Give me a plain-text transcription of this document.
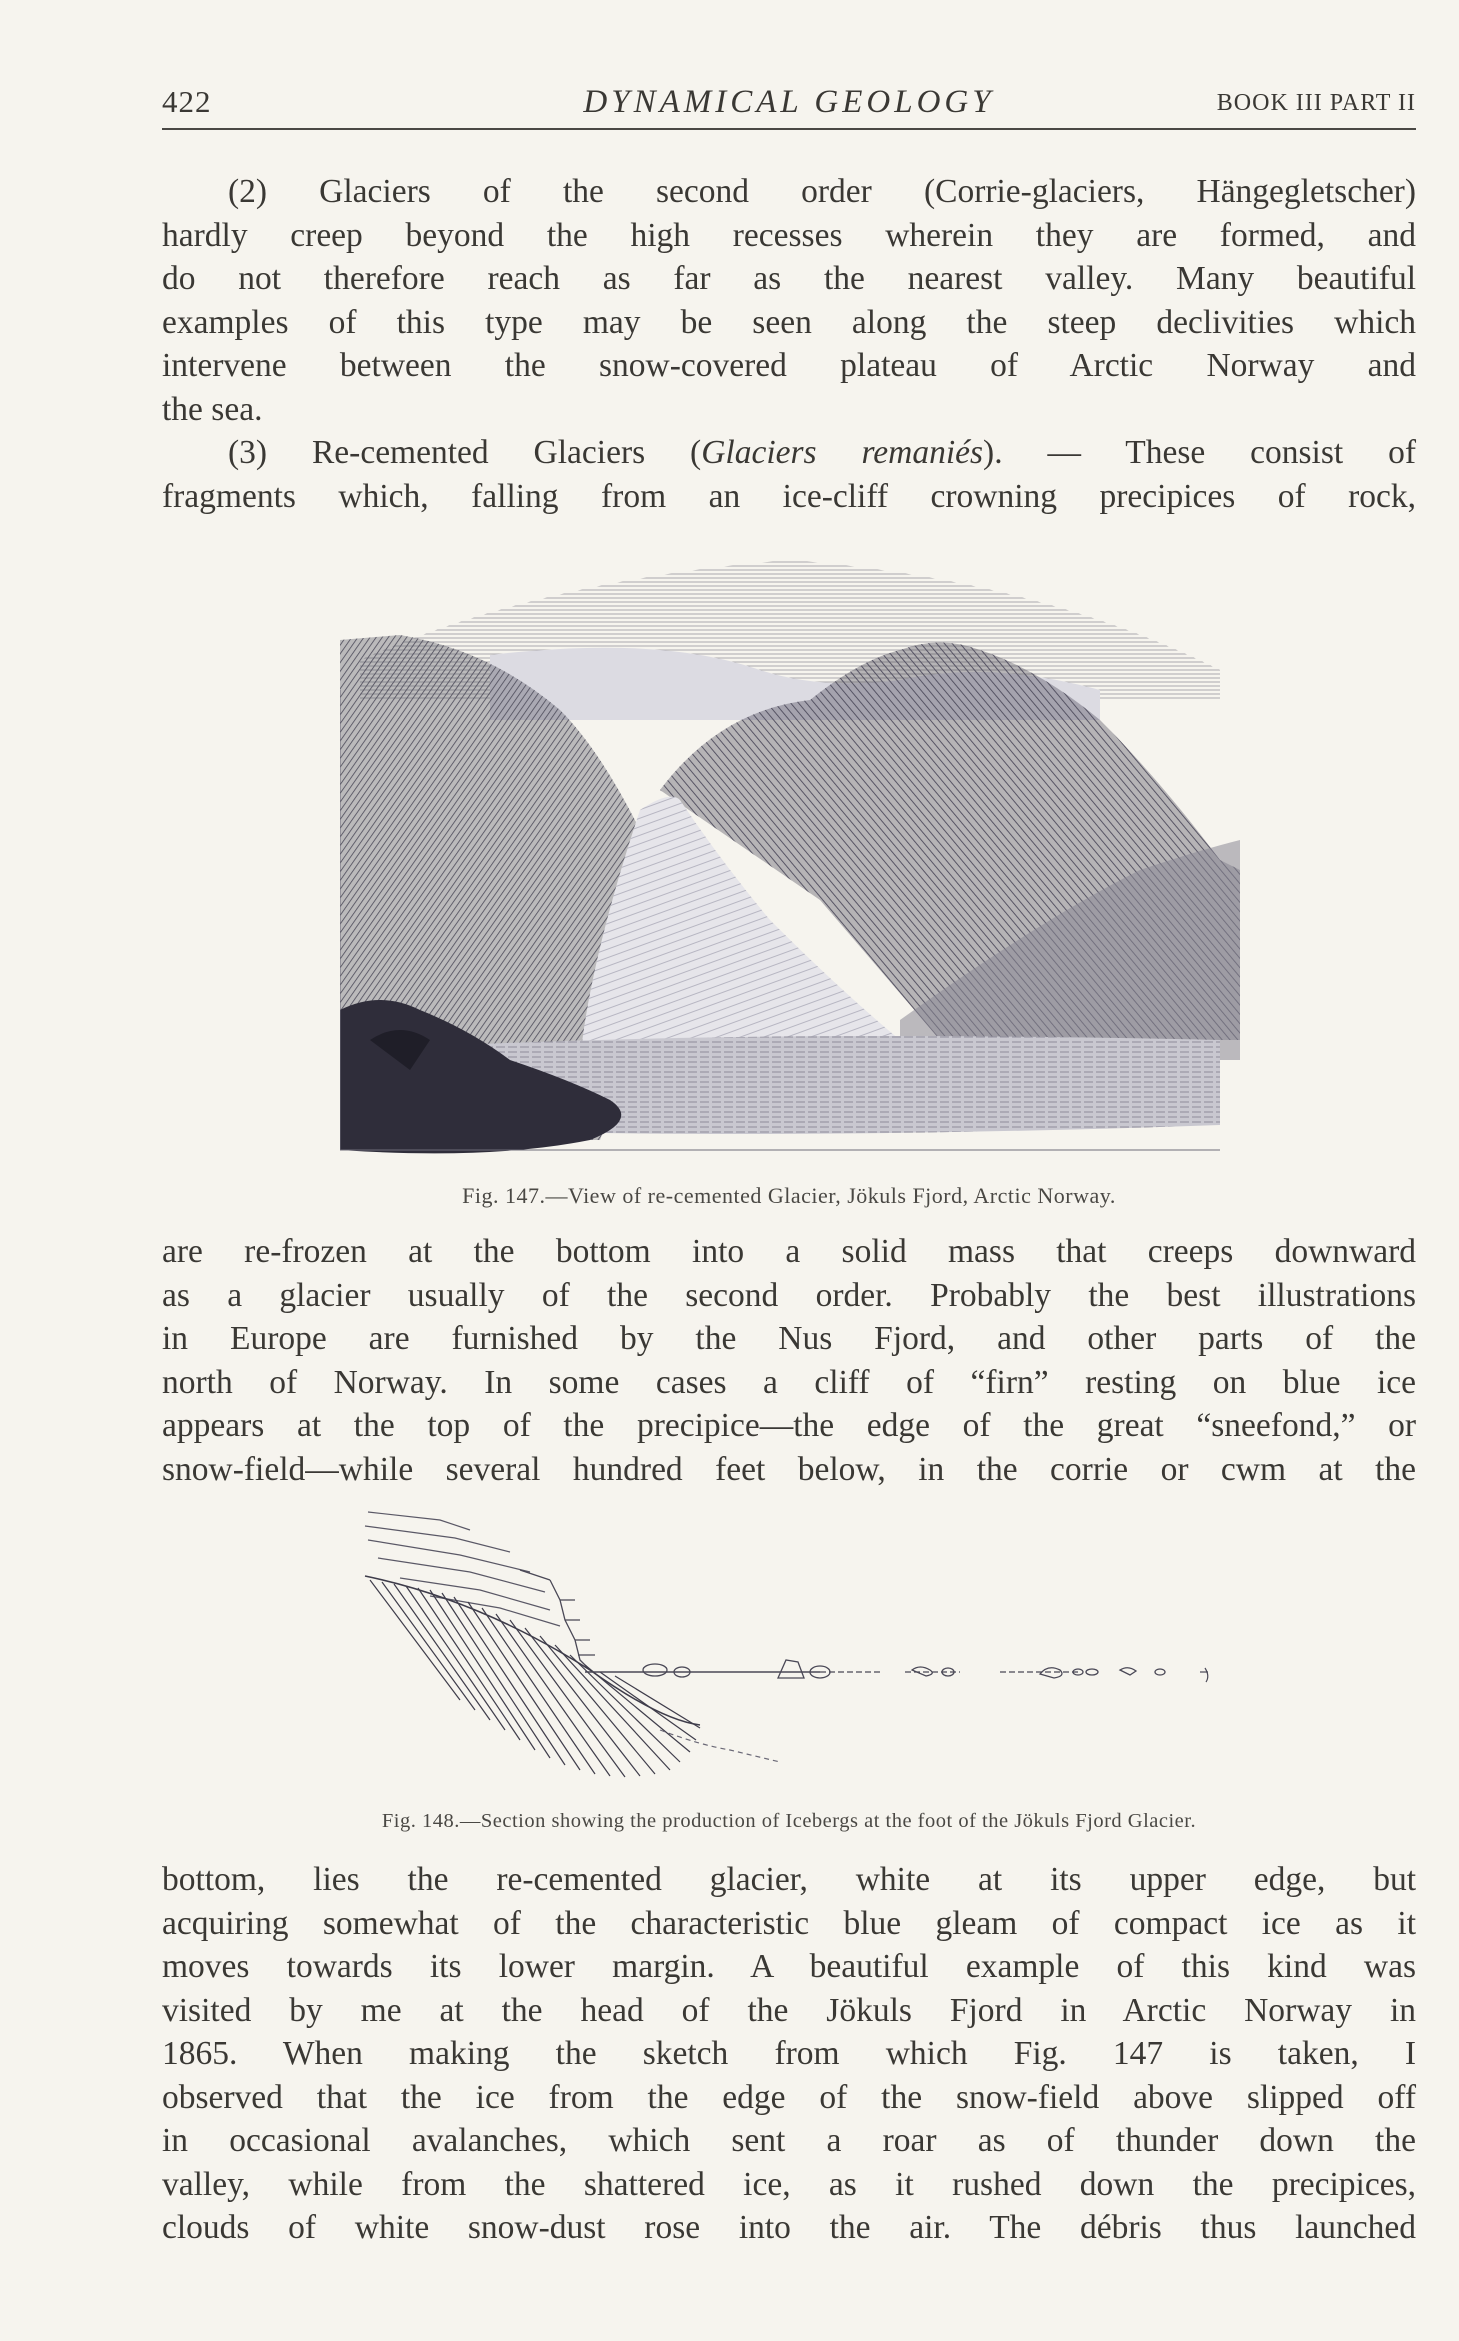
422	DYNAMICAL GEOLOGY	BOOK III PART II
(2) Glaciers of the second order (Corrie-glaciers, Hängegletscher)
hardly creep beyond the high recesses wherein they are formed, and
do not therefore reach as far as the nearest valley. Many beautiful
examples of this type may be seen along the steep declivities which
intervene between the snow-covered plateau of Arctic Norway and
the sea.
(3) Re-cemented Glaciers (Glaciers remaniés). — These consist of
fragments which, falling from an ice-cliff crowning precipices of rock,
Fig. 147.—View of re-cemented Glacier, Jökuls Fjord, Arctic Norway.
are re-frozen at the bottom into a solid mass that creeps downward
as a glacier usually of the second order. Probably the best illustrations
in Europe are furnished by the Nus Fjord, and other parts of the
north of Norway. In some cases a cliff of “firn” resting on blue ice
appears at the top of the precipice—the edge of the great “sneefond,” or
snow-field—while several hundred feet below, in the corrie or cwm at the
Fig. 148.—Section showing the production of Icebergs at the foot of the Jökuls Fjord Glacier.
bottom, lies the re-cemented glacier, white at its upper edge, but
acquiring somewhat of the characteristic blue gleam of compact ice as it
moves towards its lower margin. A beautiful example of this kind was
visited by me at the head of the Jökuls Fjord in Arctic Norway in
1865. When making the sketch from which Fig. 147 is taken, I
observed that the ice from the edge of the snow-field above slipped off
in occasional avalanches, which sent a roar as of thunder down the
valley, while from the shattered ice, as it rushed down the precipices,
clouds of white snow-dust rose into the air. The débris thus launched
